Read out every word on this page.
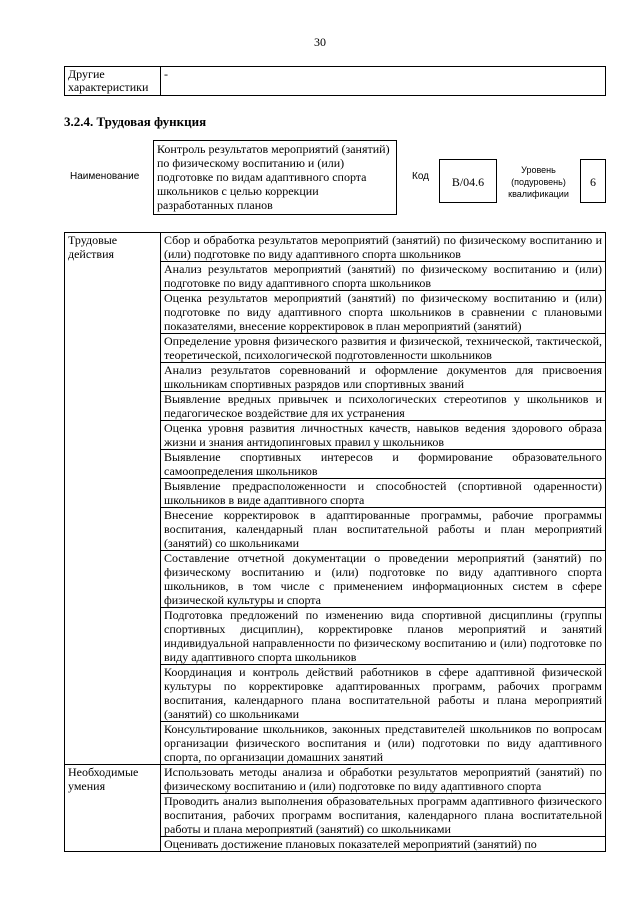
30
Другие характеристики	-
3.2.4. Трудовая функция
Наименование
Контроль результатов мероприятий (занятий) по физическому воспитанию и (или) подготовке по видам адаптивного спорта школьников с целью коррекции разработанных планов
Код	B/04.6
Уровень (подуровень) квалификации
6
Трудовые действия	Сбор и обработка результатов мероприятий (занятий) по физическому воспитанию и (или) подготовке по виду адаптивного спорта школьников
	Анализ результатов мероприятий (занятий) по физическому воспитанию и (или) подготовке по виду адаптивного спорта школьников
	Оценка результатов мероприятий (занятий) по физическому воспитанию и (или) подготовке по виду адаптивного спорта школьников в сравнении с плановыми показателями, внесение корректировок в план мероприятий (занятий)
	Определение уровня физического развития и физической, технической, тактической, теоретической, психологической подготовленности школьников
	Анализ результатов соревнований и оформление документов для присвоения школьникам спортивных разрядов или спортивных званий
	Выявление вредных привычек и психологических стереотипов у школьников и педагогическое воздействие для их устранения
	Оценка уровня развития личностных качеств, навыков ведения здорового образа жизни и знания антидопинговых правил у школьников
	Выявление спортивных интересов и формирование образовательного самоопределения школьников
	Выявление предрасположенности и способностей (спортивной одаренности) школьников в виде адаптивного спорта
	Внесение корректировок в адаптированные программы, рабочие программы воспитания, календарный план воспитательной работы и план мероприятий (занятий) со школьниками
	Составление отчетной документации о проведении мероприятий (занятий) по физическому воспитанию и (или) подготовке по виду адаптивного спорта школьников, в том числе с применением информационных систем в сфере физической культуры и спорта
	Подготовка предложений по изменению вида спортивной дисциплины (группы спортивных дисциплин), корректировке планов мероприятий и занятий индивидуальной направленности по физическому воспитанию и (или) подготовке по виду адаптивного спорта школьников
	Координация и контроль действий работников в сфере адаптивной физической культуры по корректировке адаптированных программ, рабочих программ воспитания, календарного плана воспитательной работы и плана мероприятий (занятий) со школьниками
	Консультирование школьников, законных представителей школьников по вопросам организации физического воспитания и (или) подготовки по виду адаптивного спорта, по организации домашних занятий
Необходимые умения	Использовать методы анализа и обработки результатов мероприятий (занятий) по физическому воспитанию и (или) подготовке по виду адаптивного спорта
	Проводить анализ выполнения образовательных программ адаптивного физического воспитания, рабочих программ воспитания, календарного плана воспитательной работы и плана мероприятий (занятий) со школьниками
	Оценивать достижение плановых показателей мероприятий (занятий) по
